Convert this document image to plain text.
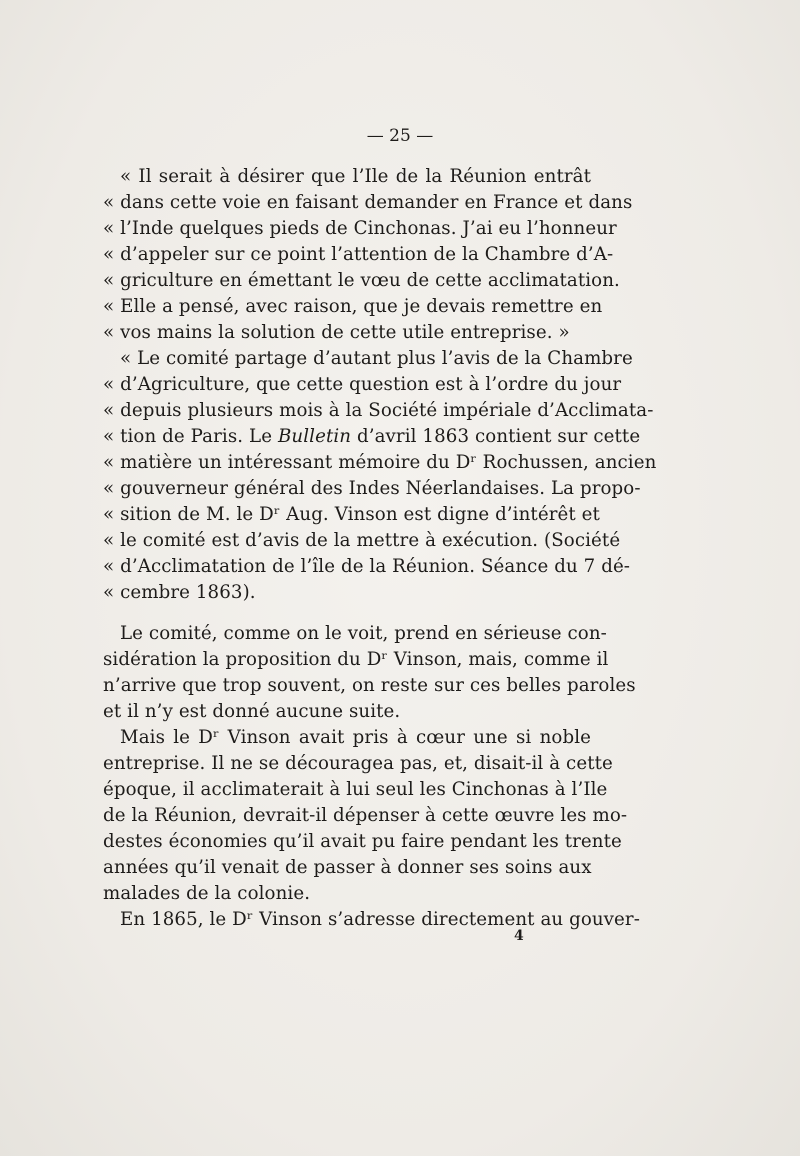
— 25 —
« Il serait à désirer que l’Ile de la Réunion entrât
« dans cette voie en faisant demander en France et dans
« l’Inde quelques pieds de Cinchonas. J’ai eu l’honneur
« d’appeler sur ce point l’attention de la Chambre d’A-
« griculture en émettant le vœu de cette acclimatation.
« Elle a pensé, avec raison, que je devais remettre en
« vos mains la solution de cette utile entreprise. »
« Le comité partage d’autant plus l’avis de la Chambre
« d’Agriculture, que cette question est à l’ordre du jour
« depuis plusieurs mois à la Société impériale d’Acclimata-
« tion de Paris. Le Bulletin d’avril 1863 contient sur cette
« matière un intéressant mémoire du Dʳ Rochussen, ancien
« gouverneur général des Indes Néerlandaises. La propo-
« sition de M. le Dʳ Aug. Vinson est digne d’intérêt et
« le comité est d’avis de la mettre à exécution. (Société
« d’Acclimatation de l’île de la Réunion. Séance du 7 dé-
« cembre 1863).
Le comité, comme on le voit, prend en sérieuse con-
sidération la proposition du Dʳ Vinson, mais, comme il
n’arrive que trop souvent, on reste sur ces belles paroles
et il n’y est donné aucune suite.
Mais le Dʳ Vinson avait pris à cœur une si noble
entreprise. Il ne se découragea pas, et, disait-il à cette
époque, il acclimaterait à lui seul les Cinchonas à l’Ile
de la Réunion, devrait-il dépenser à cette œuvre les mo-
destes économies qu’il avait pu faire pendant les trente
années qu’il venait de passer à donner ses soins aux
malades de la colonie.
En 1865, le Dʳ Vinson s’adresse directement au gouver-
4
